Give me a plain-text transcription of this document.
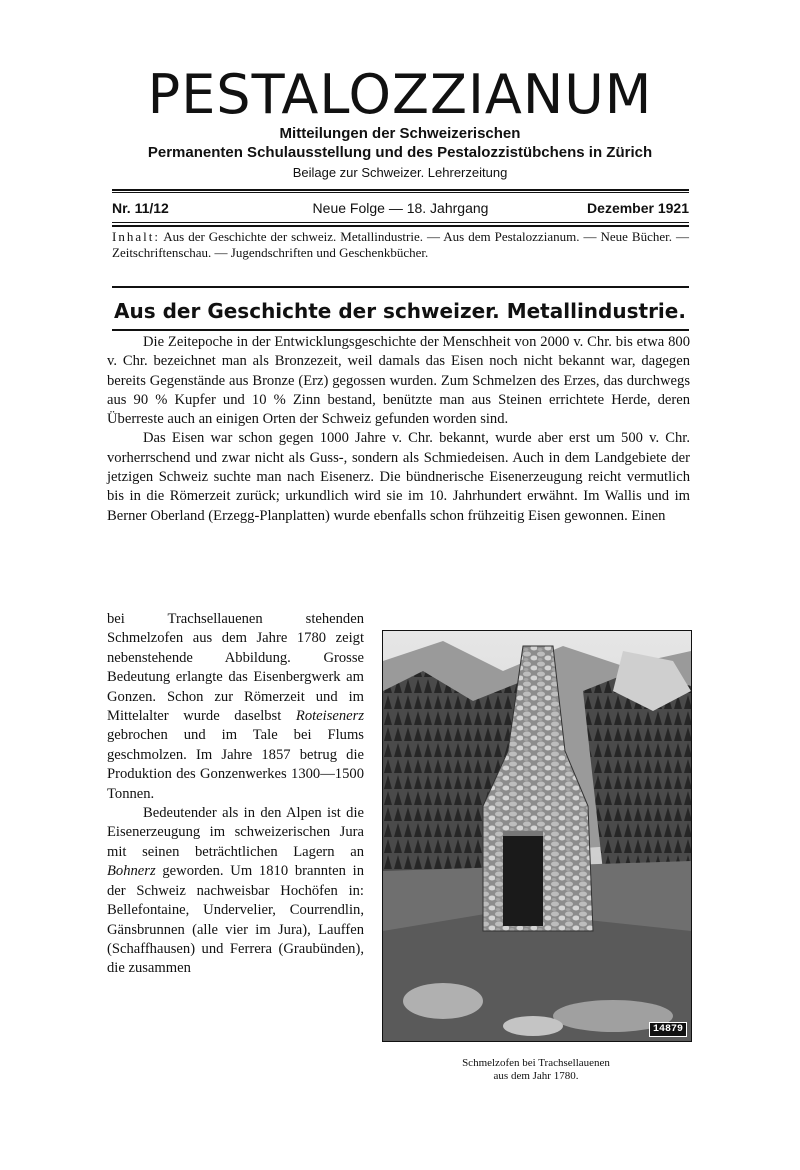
PESTALOZZIANUM
Mitteilungen der Schweizerischen
Permanenten Schulausstellung und des Pestalozzistübchens in Zürich
Beilage zur Schweizer. Lehrerzeitung
Nr. 11/12	Neue Folge — 18. Jahrgang	Dezember 1921
Inhalt: Aus der Geschichte der schweiz. Metallindustrie. — Aus dem Pestalozzianum. — Neue Bücher. — Zeitschriftenschau. — Jugendschriften und Geschenkbücher.
Aus der Geschichte der schweizer. Metallindustrie.

Die Zeitepoche in der Entwicklungsgeschichte der Menschheit von 2000 v. Chr. bis etwa 800 v. Chr. bezeichnet man als Bronzezeit, weil damals das Eisen noch nicht bekannt war, dagegen bereits Gegenstände aus Bronze (Erz) gegossen wurden. Zum Schmelzen des Erzes, das durchwegs aus 90 % Kupfer und 10 % Zinn bestand, benützte man aus Steinen errichtete Herde, deren Überreste auch an einigen Orten der Schweiz gefunden worden sind.

Das Eisen war schon gegen 1000 Jahre v. Chr. bekannt, wurde aber erst um 500 v. Chr. vorherrschend und zwar nicht als Guss-, sondern als Schmiedeisen. Auch in dem Landgebiete der jetzigen Schweiz suchte man nach Eisenerz. Die bündnerische Eisenerzeugung reicht vermutlich bis in die Römerzeit zurück; urkundlich wird sie im 10. Jahrhundert erwähnt. Im Wallis und im Berner Oberland (Erzegg-Planplatten) wurde ebenfalls schon frühzeitig Eisen gewonnen. Einen

bei Trachsellauenen stehenden Schmelzofen aus dem Jahre 1780 zeigt nebenstehende Abbildung. Grosse Bedeutung erlangte das Eisenbergwerk am Gonzen. Schon zur Römerzeit und im Mittelalter wurde daselbst Roteisenerz gebrochen und im Tale bei Flums geschmolzen. Im Jahre 1857 betrug die Produktion des Gonzenwerkes 1300—1500 Tonnen.

Bedeutender als in den Alpen ist die Eisenerzeugung im schweizerischen Jura mit seinen beträchtlichen Lagern an Bohnerz geworden. Um 1810 brannten in der Schweiz nachweisbar Hochöfen in: Bellefontaine, Undervelier, Courrendlin, Gänsbrunnen (alle vier im Jura), Lauffen (Schaffhausen) und Ferrera (Graubünden), die zusammen

14879
Schmelzofen bei Trachsellauenen
aus dem Jahr 1780.
